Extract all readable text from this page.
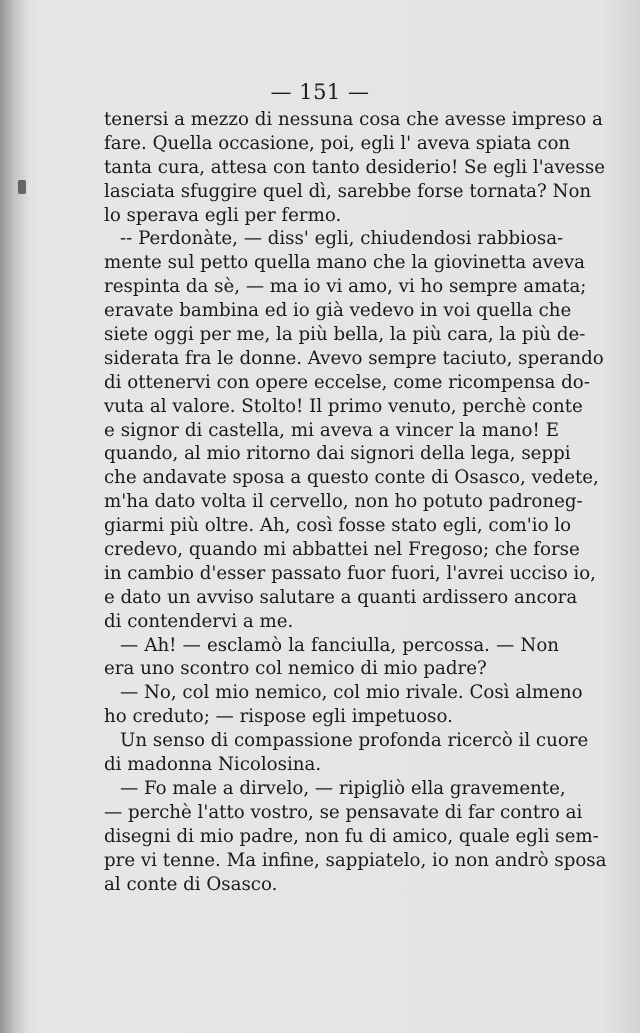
— 151 —
tenersi a mezzo di nessuna cosa che avesse impreso a
fare. Quella occasione, poi, egli l' aveva spiata con
tanta cura, attesa con tanto desiderio! Se egli l'avesse
lasciata sfuggire quel dì, sarebbe forse tornata? Non
lo sperava egli per fermo.
-- Perdonàte, — diss' egli, chiudendosi rabbiosa-
mente sul petto quella mano che la giovinetta aveva
respinta da sè, — ma io vi amo, vi ho sempre amata;
eravate bambina ed io già vedevo in voi quella che
siete oggi per me, la più bella, la più cara, la più de-
siderata fra le donne. Avevo sempre taciuto, sperando
di ottenervi con opere eccelse, come ricompensa do-
vuta al valore. Stolto! Il primo venuto, perchè conte
e signor di castella, mi aveva a vincer la mano! E
quando, al mio ritorno dai signori della lega, seppi
che andavate sposa a questo conte di Osasco, vedete,
m'ha dato volta il cervello, non ho potuto padroneg-
giarmi più oltre. Ah, così fosse stato egli, com'io lo
credevo, quando mi abbattei nel Fregoso; che forse
in cambio d'esser passato fuor fuori, l'avrei ucciso io,
e dato un avviso salutare a quanti ardissero ancora
di contendervi a me.
— Ah! — esclamò la fanciulla, percossa. — Non
era uno scontro col nemico di mio padre?
— No, col mio nemico, col mio rivale. Così almeno
ho creduto; — rispose egli impetuoso.
Un senso di compassione profonda ricercò il cuore
di madonna Nicolosina.
— Fo male a dirvelo, — ripigliò ella gravemente,
— perchè l'atto vostro, se pensavate di far contro ai
disegni di mio padre, non fu di amico, quale egli sem-
pre vi tenne. Ma infine, sappiatelo, io non andrò sposa
al conte di Osasco.
